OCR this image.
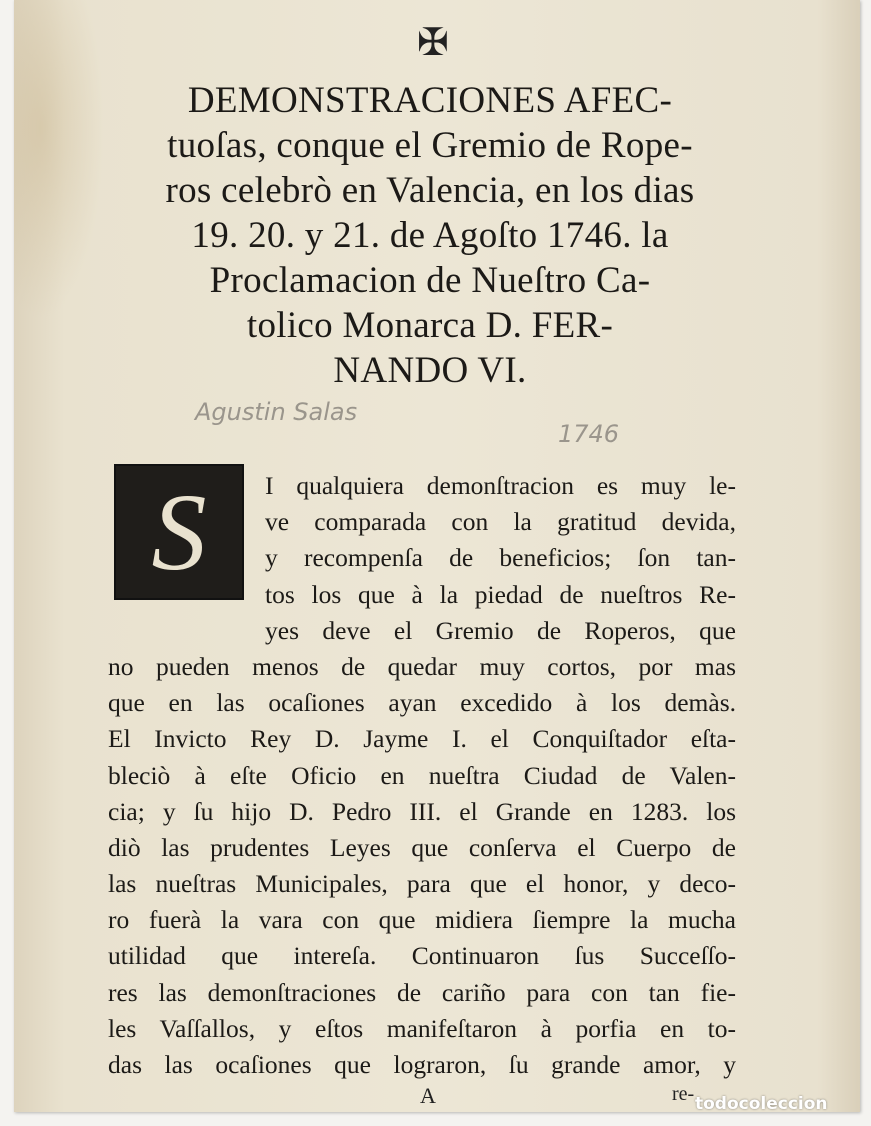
✠
DEMONSTRACIONES AFEC-
tuoſas, conque el Gremio de Rope-
ros celebrò en Valencia, en los dias
19. 20. y 21. de Agoſto 1746. la
Proclamacion de Nueſtro Ca-
tolico Monarca D. FER-
NANDO VI.
Agustin Salas
1746
S I qualquiera demonſtracion es muy le-
ve comparada con la gratitud devida,
y recompenſa de beneficios; ſon tan-
tos los que à la piedad de nueſtros Re-
yes deve el Gremio de Roperos, que
no pueden menos de quedar muy cortos, por mas
que en las ocaſiones ayan excedido à los demàs.
El Invicto Rey D. Jayme I. el Conquiſtador eſta-
bleciò à eſte Oficio en nueſtra Ciudad de Valen-
cia; y ſu hijo D. Pedro III. el Grande en 1283. los
diò las prudentes Leyes que conſerva el Cuerpo de
las nueſtras Municipales, para que el honor, y deco-
ro fuerà la vara con que midiera ſiempre la mucha
utilidad que intereſa. Continuaron ſus Succeſſo-
res las demonſtraciones de cariño para con tan fie-
les Vaſſallos, y eſtos manifeſtaron à porfia en to-
das las ocaſiones que lograron, ſu grande amor, y
A	re- todocoleccion
